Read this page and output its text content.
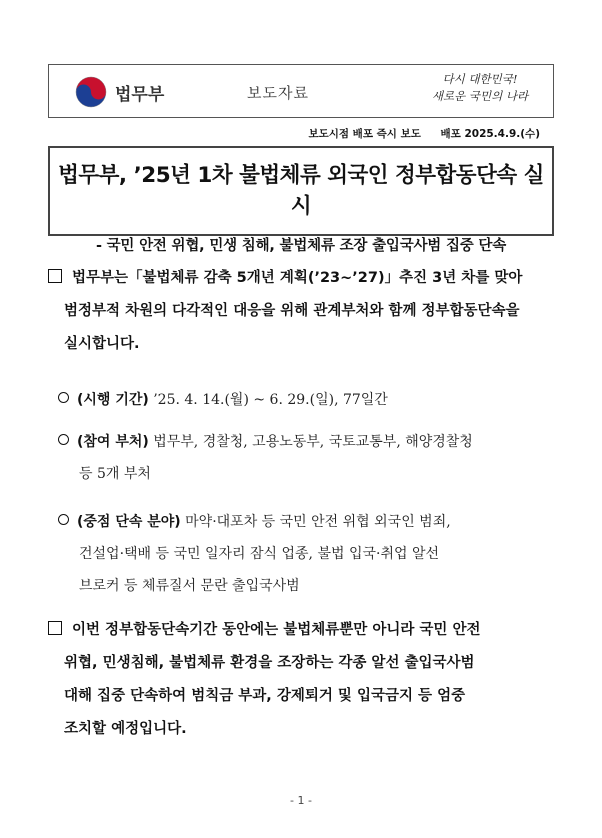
법무부	보도자료
다시 대한민국!
새로운 국민의 나라
보도시점 배포 즉시 보도 배포 2025.4.9.(수)
법무부, ’25년 1차 불법체류 외국인 정부합동단속 실시
- 국민 안전 위협, 민생 침해, 불법체류 조장 출입국사범 집중 단속
법무부는「불법체류 감축 5개년 계획(’23~’27)」추진 3년 차를 맞아
범정부적 차원의 다각적인 대응을 위해 관계부처와 함께 정부합동단속을
실시합니다.
(시행 기간) ’25. 4. 14.(월) ~ 6. 29.(일), 77일간
(참여 부처) 법무부, 경찰청, 고용노동부, 국토교통부, 해양경찰청
등 5개 부처
(중점 단속 분야) 마약·대포차 등 국민 안전 위협 외국인 범죄,
건설업·택배 등 국민 일자리 잠식 업종, 불법 입국·취업 알선
브로커 등 체류질서 문란 출입국사범
이번 정부합동단속기간 동안에는 불법체류뿐만 아니라 국민 안전
위협, 민생침해, 불법체류 환경을 조장하는 각종 알선 출입국사범
대해 집중 단속하여 범칙금 부과, 강제퇴거 및 입국금지 등 엄중
조치할 예정입니다.
- 1 -
